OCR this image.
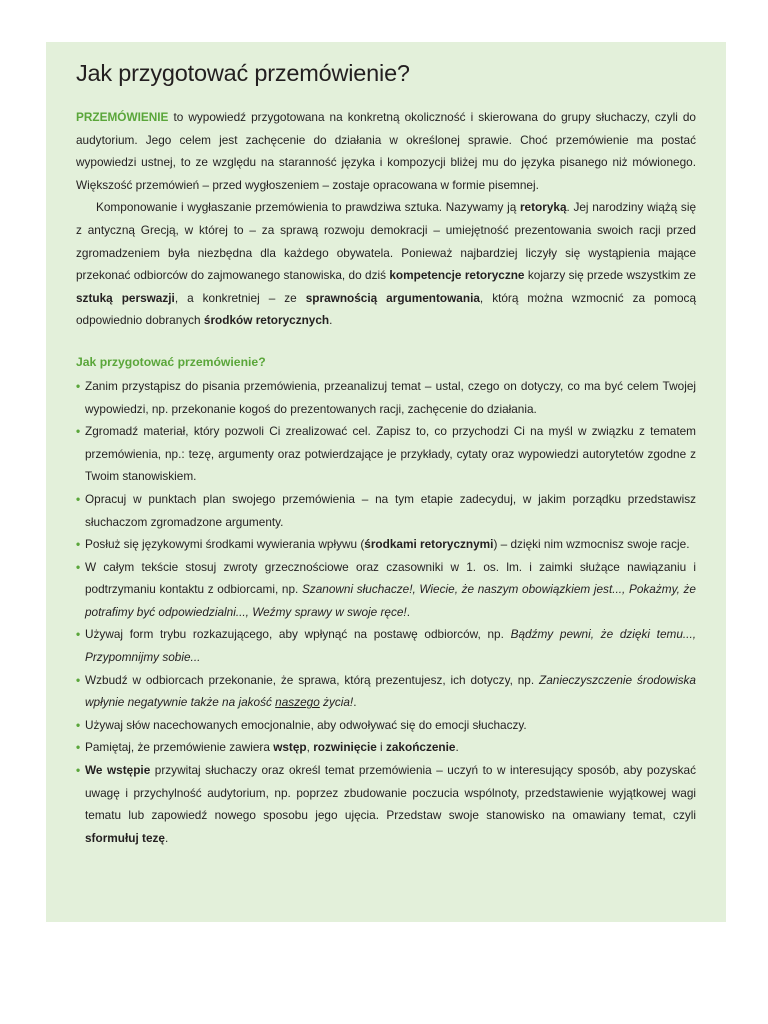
Jak przygotować przemówienie?

PRZEMÓWIENIE to wypowiedź przygotowana na konkretną okoliczność i skierowana do grupy słuchaczy, czyli do audytorium. Jego celem jest zachęcenie do działania w określonej sprawie. Choć przemówienie ma postać wypowiedzi ustnej, to ze względu na staranność języka i kompozycji bliżej mu do języka pisanego niż mówionego. Większość przemówień – przed wygłoszeniem – zostaje opracowana w formie pisemnej.

Komponowanie i wygłaszanie przemówienia to prawdziwa sztuka. Nazywamy ją retoryką. Jej narodziny wiążą się z antyczną Grecją, w której to – za sprawą rozwoju demokracji – umiejętność prezentowania swoich racji przed zgromadzeniem była niezbędna dla każdego obywatela. Ponieważ najbardziej liczyły się wystąpienia mające przekonać odbiorców do zajmowanego stanowiska, do dziś kompetencje retoryczne kojarzy się przede wszystkim ze sztuką perswazji, a konkretniej – ze sprawnością argumentowania, którą można wzmocnić za pomocą odpowiednio dobranych środków retorycznych.

Jak przygotować przemówienie?
• Zanim przystąpisz do pisania przemówienia, przeanalizuj temat – ustal, czego on dotyczy, co ma być celem Twojej wypowiedzi, np. przekonanie kogoś do prezentowanych racji, zachęcenie do działania.
• Zgromadź materiał, który pozwoli Ci zrealizować cel. Zapisz to, co przychodzi Ci na myśl w związku z tematem przemówienia, np.: tezę, argumenty oraz potwierdzające je przykłady, cytaty oraz wypowiedzi autorytetów zgodne z Twoim stanowiskiem.
• Opracuj w punktach plan swojego przemówienia – na tym etapie zadecyduj, w jakim porządku przedstawisz słuchaczom zgromadzone argumenty.
• Posłuż się językowymi środkami wywierania wpływu (środkami retorycznymi) – dzięki nim wzmocnisz swoje racje.
• W całym tekście stosuj zwroty grzecznościowe oraz czasowniki w 1. os. lm. i zaimki służące nawiązaniu i podtrzymaniu kontaktu z odbiorcami, np. Szanowni słuchacze!, Wiecie, że naszym obowiązkiem jest..., Pokażmy, że potrafimy być odpowiedzialni..., Weźmy sprawy w swoje ręce!.
• Używaj form trybu rozkazującego, aby wpłynąć na postawę odbiorców, np. Bądźmy pewni, że dzięki temu..., Przypomnijmy sobie...
• Wzbudź w odbiorcach przekonanie, że sprawa, którą prezentujesz, ich dotyczy, np. Zanieczyszczenie środowiska wpłynie negatywnie także na jakość naszego życia!.
• Używaj słów nacechowanych emocjonalnie, aby odwoływać się do emocji słuchaczy.
• Pamiętaj, że przemówienie zawiera wstęp, rozwinięcie i zakończenie.
• We wstępie przywitaj słuchaczy oraz określ temat przemówienia – uczyń to w interesujący sposób, aby pozyskać uwagę i przychylność audytorium, np. poprzez zbudowanie poczucia wspólnoty, przedstawienie wyjątkowej wagi tematu lub zapowiedź nowego sposobu jego ujęcia. Przedstaw swoje stanowisko na omawiany temat, czyli sformułuj tezę.
